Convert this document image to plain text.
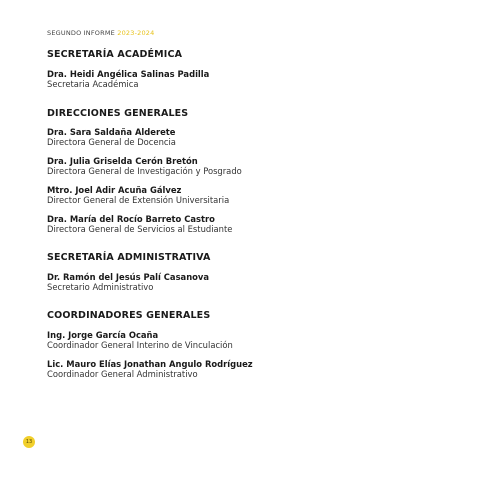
SEGUNDO INFORME 2023-2024
SECRETARÍA ACADÉMICA
Dra. Heidi Angélica Salinas Padilla
Secretaria Académica
DIRECCIONES GENERALES
Dra. Sara Saldaña Alderete
Directora General de Docencia
Dra. Julia Griselda Cerón Bretón
Directora General de Investigación y Posgrado
Mtro. Joel Adir Acuña Gálvez
Director General de Extensión Universitaria
Dra. María del Rocío Barreto Castro
Directora General de Servicios al Estudiante
SECRETARÍA ADMINISTRATIVA
Dr. Ramón del Jesús Palí Casanova
Secretario Administrativo
COORDINADORES GENERALES
Ing. Jorge García Ocaña
Coordinador General Interino de Vinculación
Lic. Mauro Elías Jonathan Angulo Rodríguez
Coordinador General Administrativo
13
